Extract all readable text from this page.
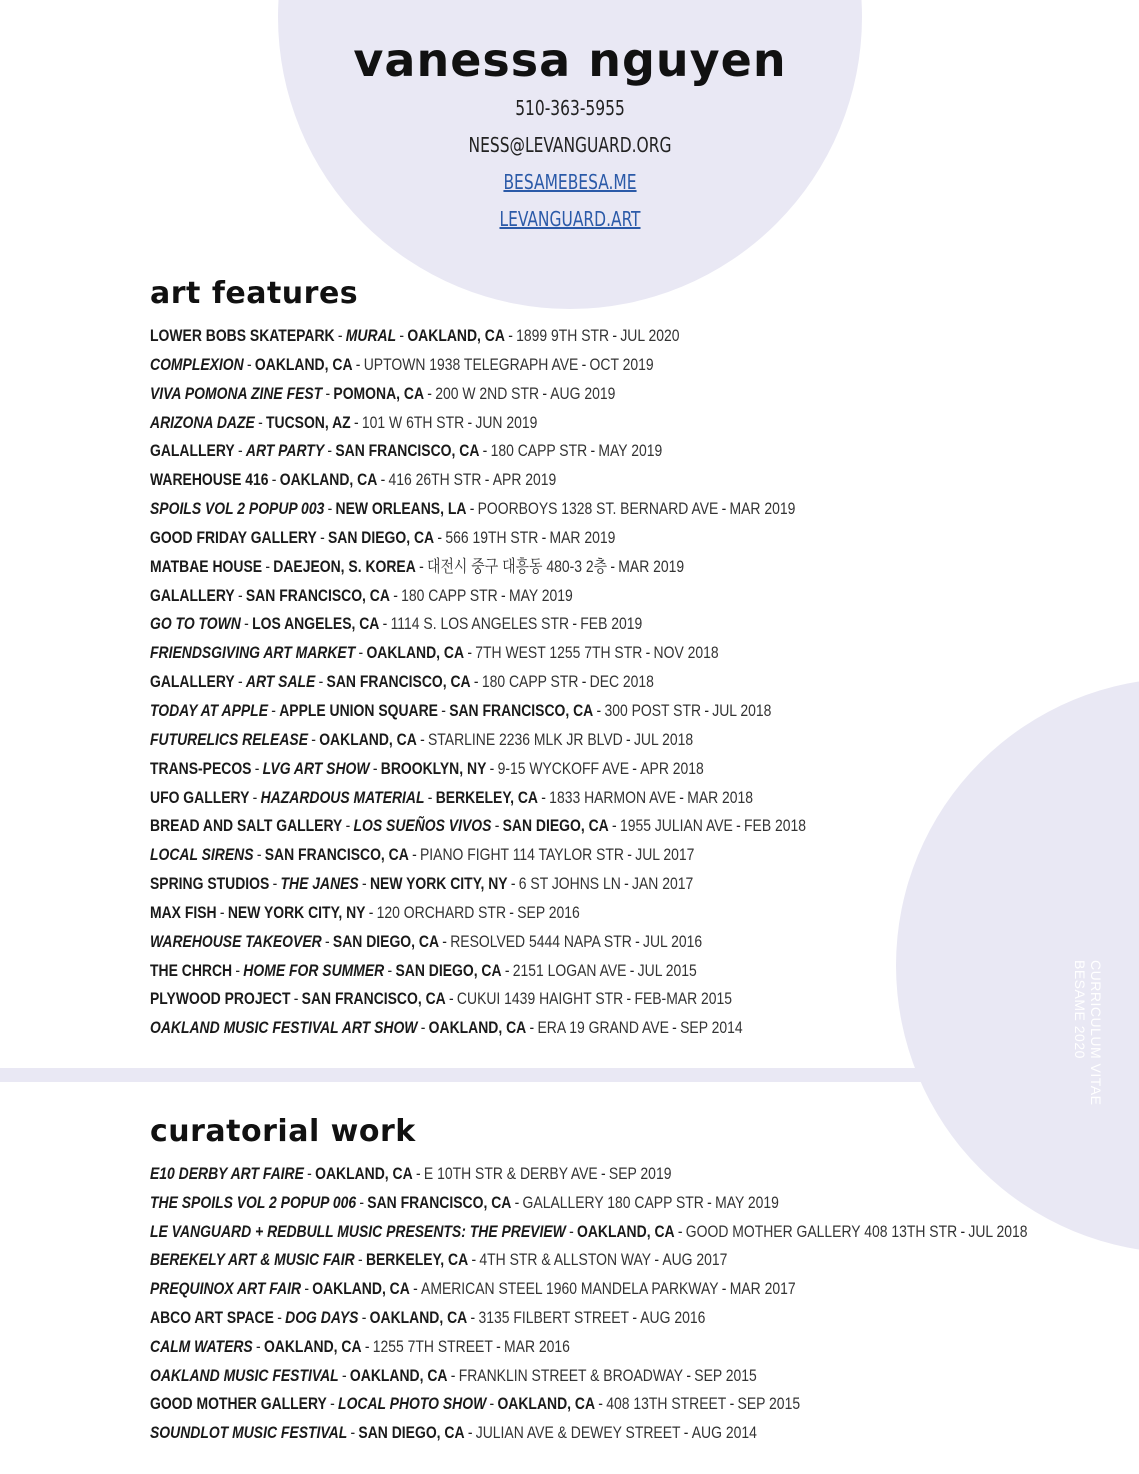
vanessa nguyen
510-363-5955
NESS@LEVANGUARD.ORG
BESAMEBESA.ME
LEVANGUARD.ART
art features
LOWER BOBS SKATEPARK - MURAL - OAKLAND, CA - 1899 9TH STR - JUL 2020
COMPLEXION - OAKLAND, CA - UPTOWN 1938 TELEGRAPH AVE - OCT 2019
VIVA POMONA ZINE FEST - POMONA, CA - 200 W 2ND STR - AUG 2019
ARIZONA DAZE - TUCSON, AZ - 101 W 6TH STR - JUN 2019
GALALLERY - ART PARTY - SAN FRANCISCO, CA - 180 CAPP STR - MAY 2019
WAREHOUSE 416 - OAKLAND, CA - 416 26TH STR - APR 2019
SPOILS VOL 2 POPUP 003 - NEW ORLEANS, LA - POORBOYS 1328 ST. BERNARD AVE - MAR 2019
GOOD FRIDAY GALLERY - SAN DIEGO, CA - 566 19TH STR - MAR 2019
MATBAE HOUSE - DAEJEON, S. KOREA - 대전시 중구 대흥동 480-3 2층 - MAR 2019
GALALLERY - SAN FRANCISCO, CA - 180 CAPP STR - MAY 2019
GO TO TOWN - LOS ANGELES, CA - 1114 S. LOS ANGELES STR - FEB 2019
FRIENDSGIVING ART MARKET - OAKLAND, CA - 7TH WEST 1255 7TH STR - NOV 2018
GALALLERY - ART SALE - SAN FRANCISCO, CA - 180 CAPP STR - DEC 2018
TODAY AT APPLE - APPLE UNION SQUARE - SAN FRANCISCO, CA - 300 POST STR - JUL 2018
FUTURELICS RELEASE - OAKLAND, CA - STARLINE 2236 MLK JR BLVD - JUL 2018
TRANS-PECOS - LVG ART SHOW - BROOKLYN, NY - 9-15 WYCKOFF AVE - APR 2018
UFO GALLERY - HAZARDOUS MATERIAL - BERKELEY, CA - 1833 HARMON AVE - MAR 2018
BREAD AND SALT GALLERY - LOS SUEÑOS VIVOS - SAN DIEGO, CA - 1955 JULIAN AVE - FEB 2018
LOCAL SIRENS - SAN FRANCISCO, CA - PIANO FIGHT 114 TAYLOR STR - JUL 2017
SPRING STUDIOS - THE JANES - NEW YORK CITY, NY - 6 ST JOHNS LN - JAN 2017
MAX FISH - NEW YORK CITY, NY - 120 ORCHARD STR - SEP 2016
WAREHOUSE TAKEOVER - SAN DIEGO, CA - RESOLVED 5444 NAPA STR - JUL 2016
THE CHRCH - HOME FOR SUMMER - SAN DIEGO, CA - 2151 LOGAN AVE - JUL 2015
PLYWOOD PROJECT - SAN FRANCISCO, CA - CUKUI 1439 HAIGHT STR - FEB-MAR 2015
OAKLAND MUSIC FESTIVAL ART SHOW - OAKLAND, CA - ERA 19 GRAND AVE - SEP 2014
curatorial work
E10 DERBY ART FAIRE - OAKLAND, CA - E 10TH STR & DERBY AVE - SEP 2019
THE SPOILS VOL 2 POPUP 006 - SAN FRANCISCO, CA - GALALLERY 180 CAPP STR - MAY 2019
LE VANGUARD + REDBULL MUSIC PRESENTS: THE PREVIEW - OAKLAND, CA - GOOD MOTHER GALLERY 408 13TH STR - JUL 2018
BEREKELY ART & MUSIC FAIR - BERKELEY, CA - 4TH STR & ALLSTON WAY - AUG 2017
PREQUINOX ART FAIR - OAKLAND, CA - AMERICAN STEEL 1960 MANDELA PARKWAY - MAR 2017
ABCO ART SPACE - DOG DAYS - OAKLAND, CA - 3135 FILBERT STREET - AUG 2016
CALM WATERS - OAKLAND, CA - 1255 7TH STREET - MAR 2016
OAKLAND MUSIC FESTIVAL - OAKLAND, CA - FRANKLIN STREET & BROADWAY - SEP 2015
GOOD MOTHER GALLERY - LOCAL PHOTO SHOW - OAKLAND, CA - 408 13TH STREET - SEP 2015
SOUNDLOT MUSIC FESTIVAL - SAN DIEGO, CA - JULIAN AVE & DEWEY STREET - AUG 2014
CURRICULUM VITAE
BESAME 2020
